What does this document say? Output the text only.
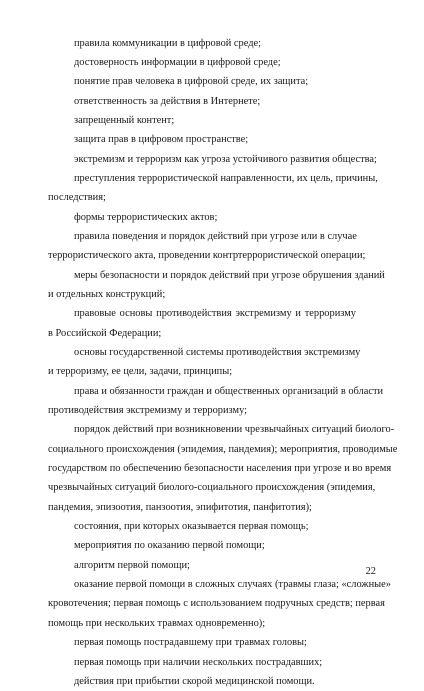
правила коммуникации в цифровой среде;
достоверность информации в цифровой среде;
понятие прав человека в цифровой среде, их защита;
ответственность за действия в Интернете;
запрещенный контент;
защита прав в цифровом пространстве;
экстремизм и терроризм как угроза устойчивого развития общества;
преступления террористической направленности, их цель, причины,
последствия;
формы террористических актов;
правила поведения и порядок действий при угрозе или в случае
террористического акта, проведении контртеррористической операции;
меры безопасности и порядок действий при угрозе обрушения зданий
и отдельных конструкций;
правовые основы противодействия экстремизму и терроризму
в Российской Федерации;
основы государственной системы противодействия экстремизму
и терроризму, ее цели, задачи, принципы;
права и обязанности граждан и общественных организаций в области
противодействия экстремизму и терроризму;
порядок действий при возникновении чрезвычайных ситуаций биолого-
социального происхождения (эпидемия, пандемия); мероприятия, проводимые
государством по обеспечению безопасности населения при угрозе и во время
чрезвычайных ситуаций биолого-социального происхождения (эпидемия,
пандемия, эпизоотия, панзоотия, эпифитотия, панфитотия);
состояния, при которых оказывается первая помощь;
мероприятия по оказанию первой помощи;
алгоритм первой помощи;
оказание первой помощи в сложных случаях (травмы глаза; «сложные»
кровотечения; первая помощь с использованием подручных средств; первая
помощь при нескольких травмах одновременно);
первая помощь пострадавшему при травмах головы;
первая помощь при наличии нескольких пострадавших;
действия при прибытии скорой медицинской помощи.
22
